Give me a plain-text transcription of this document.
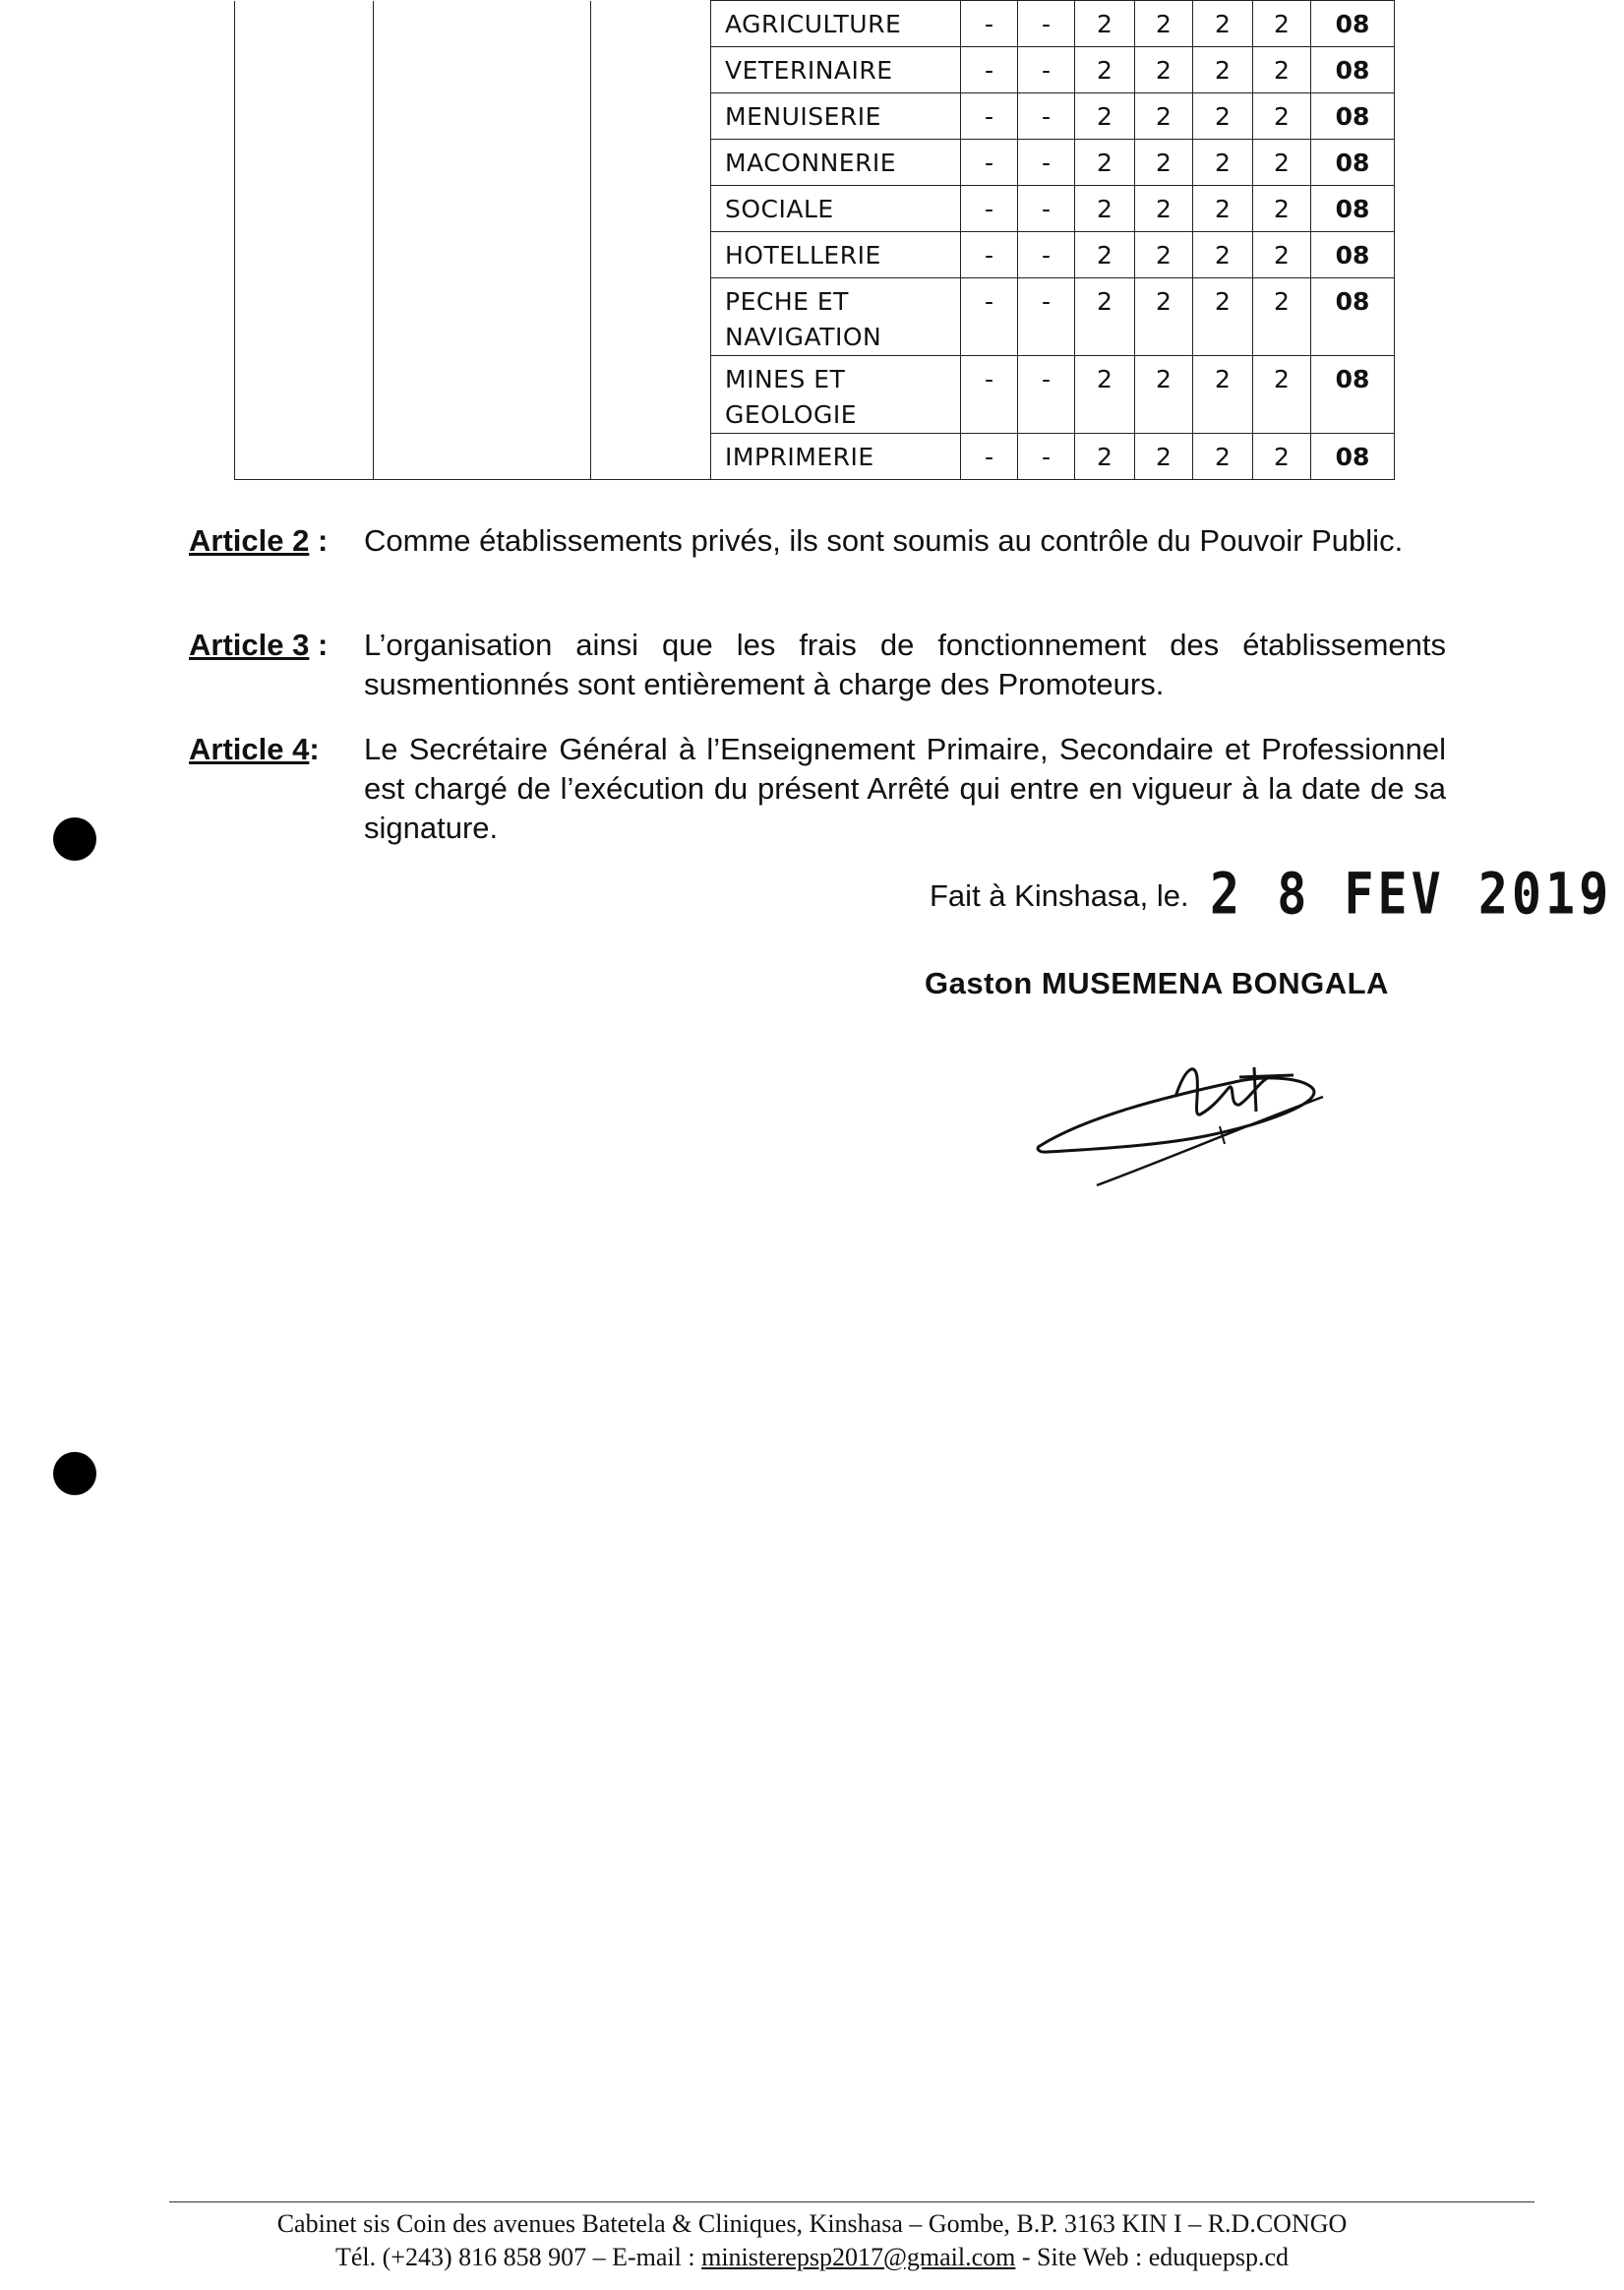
			AGRICULTURE	-	-	2	2	2	2	08
			VETERINAIRE	-	-	2	2	2	2	08
			MENUISERIE	-	-	2	2	2	2	08
			MACONNERIE	-	-	2	2	2	2	08
			SOCIALE	-	-	2	2	2	2	08
			HOTELLERIE	-	-	2	2	2	2	08
			PECHE ET NAVIGATION	-	-	2	2	2	2	08
			MINES ET GEOLOGIE	-	-	2	2	2	2	08
			IMPRIMERIE	-	-	2	2	2	2	08
Article 2 : Comme établissements privés, ils sont soumis au contrôle du Pouvoir Public.
Article 3 : L’organisation ainsi que les frais de fonctionnement des établissements susmentionnés sont entièrement à charge des Promoteurs.
Article 4: Le Secrétaire Général à l’Enseignement Primaire, Secondaire et Professionnel est chargé de l’exécution du présent Arrêté qui entre en vigueur à la date de sa signature.
Fait à Kinshasa, le. 2 8 FEV 2019
Gaston MUSEMENA BONGALA
Cabinet sis Coin des avenues Batetela & Cliniques, Kinshasa – Gombe, B.P. 3163 KIN I – R.D.CONGO
Tél. (+243) 816 858 907 – E-mail : ministerepsp2017@gmail.com - Site Web : eduquepsp.cd
